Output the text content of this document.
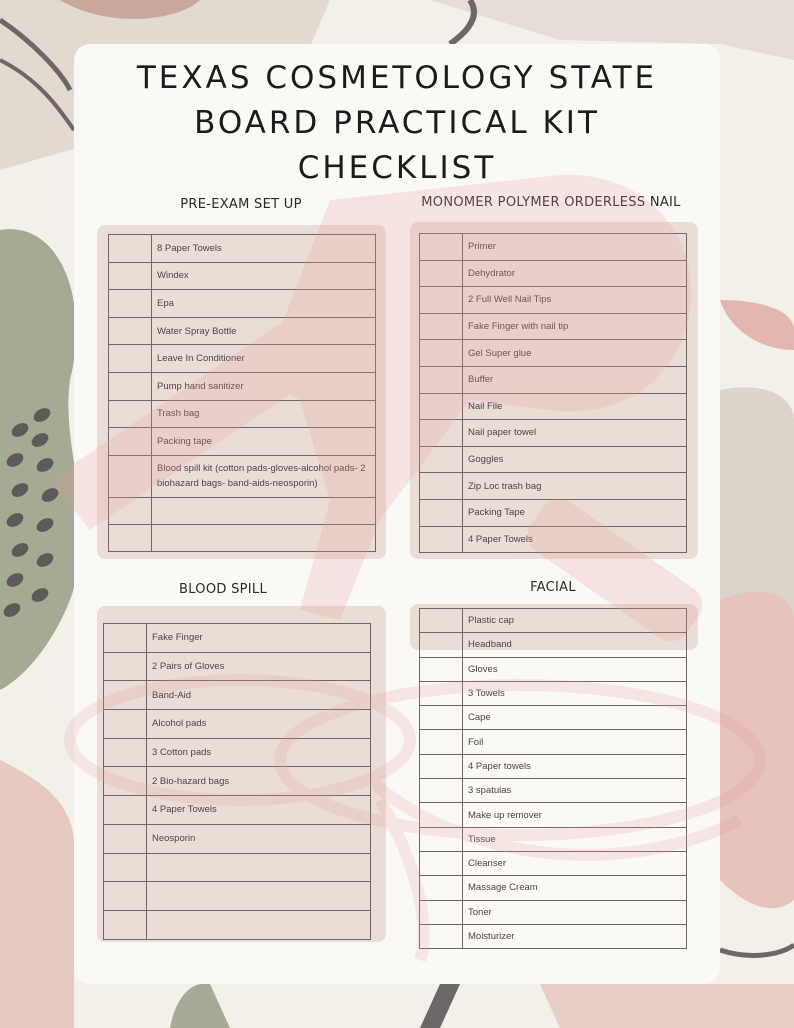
TEXAS COSMETOLOGY STATE
BOARD PRACTICAL KIT
CHECKLIST
PRE-EXAM SET UP	MONOMER POLYMER ORDERLESS NAIL
BLOOD SPILL	FACIAL
	8 Paper Towels
	Windex
	Epa
	Water Spray Bottle
	Leave In Conditioner
	Pump hand sanitizer
	Trash bag
	Packing tape
	Blood spill kit (cotton pads-gloves-alcohol pads- 2 biohazard bags- band-aids-neosporin)

	Primer
	Dehydrator
	2 Full Well Nail Tips
	Fake Finger with nail tip
	Gel Super glue
	Buffer
	Nail File
	Nail paper towel
	Goggles
	Zip Loc trash bag
	Packing Tape
	4 Paper Towels
	Fake Finger
	2 Pairs of Gloves
	Band-Aid
	Alcohol pads
	3 Cotton pads
	2 Bio-hazard bags
	4 Paper Towels
	Neosporin

	Plastic cap
	Headband
	Gloves
	3 Towels
	Cape
	Foil
	4 Paper towels
	3 spatulas
	Make up remover
	Tissue
	Cleanser
	Massage Cream
	Toner
	Moisturizer
